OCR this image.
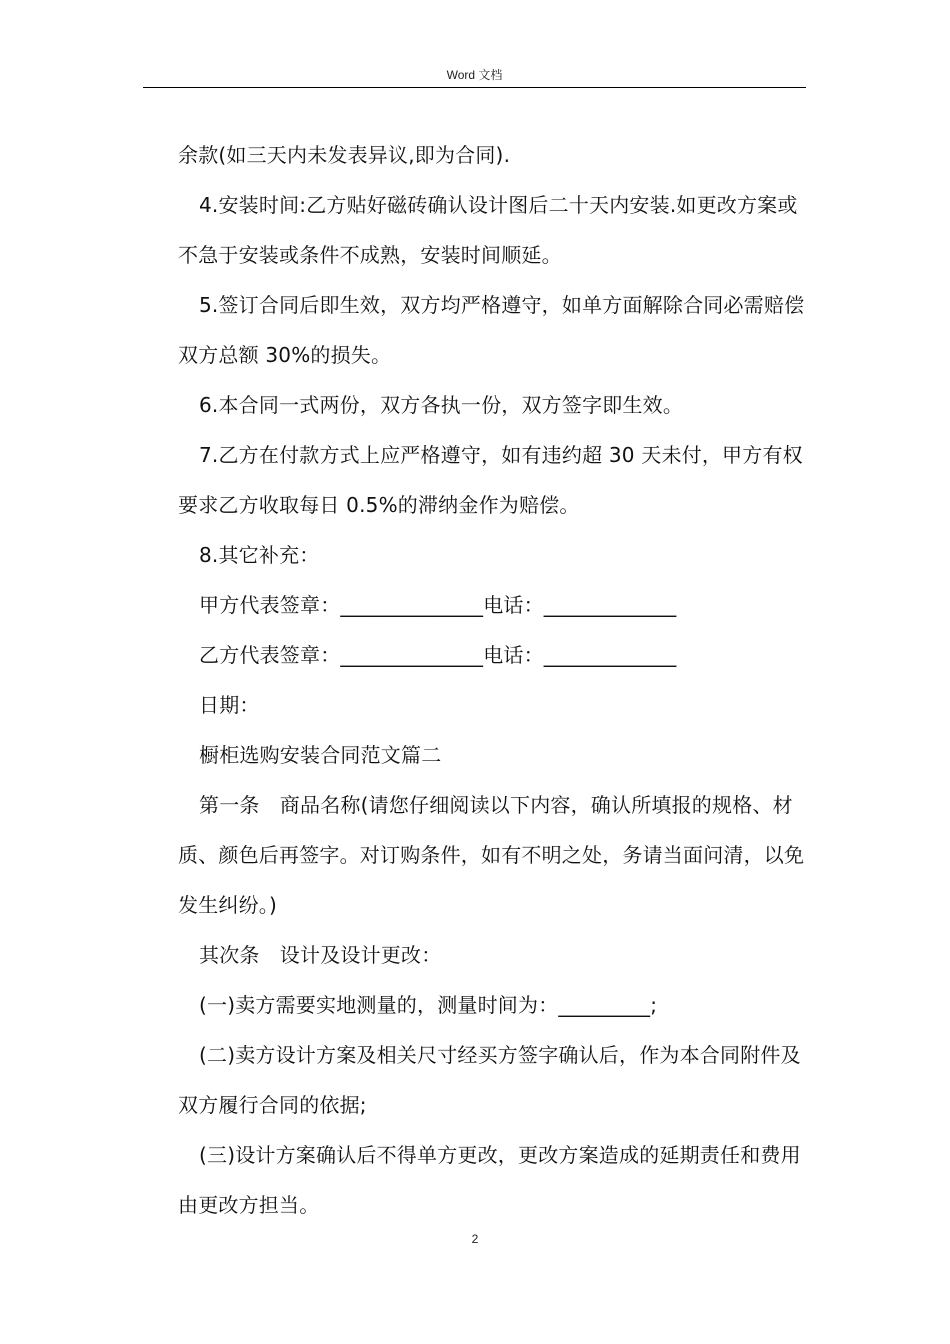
Word 文档

余款(如三天内未发表异议,即为合同).

4.安装时间:乙方贴好磁砖确认设计图后二十天内安装.如更改方案或不急于安装或条件不成熟，安装时间顺延。

5.签订合同后即生效，双方均严格遵守，如单方面解除合同必需赔偿双方总额 30%的损失。

6.本合同一式两份，双方各执一份，双方签字即生效。

7.乙方在付款方式上应严格遵守，如有违约超 30 天未付，甲方有权要求乙方收取每日 0.5%的滞纳金作为赔偿。

8.其它补充：

甲方代表签章：______________电话：_____________

乙方代表签章：______________电话：_____________

日期：

橱柜选购安装合同范文篇二

第一条　商品名称(请您仔细阅读以下内容，确认所填报的规格、材质、颜色后再签字。对订购条件，如有不明之处，务请当面问清，以免发生纠纷。)

其次条　设计及设计更改：

(一)卖方需要实地测量的，测量时间为：_________;

(二)卖方设计方案及相关尺寸经买方签字确认后，作为本合同附件及双方履行合同的依据;

(三)设计方案确认后不得单方更改，更改方案造成的延期责任和费用由更改方担当。

2
